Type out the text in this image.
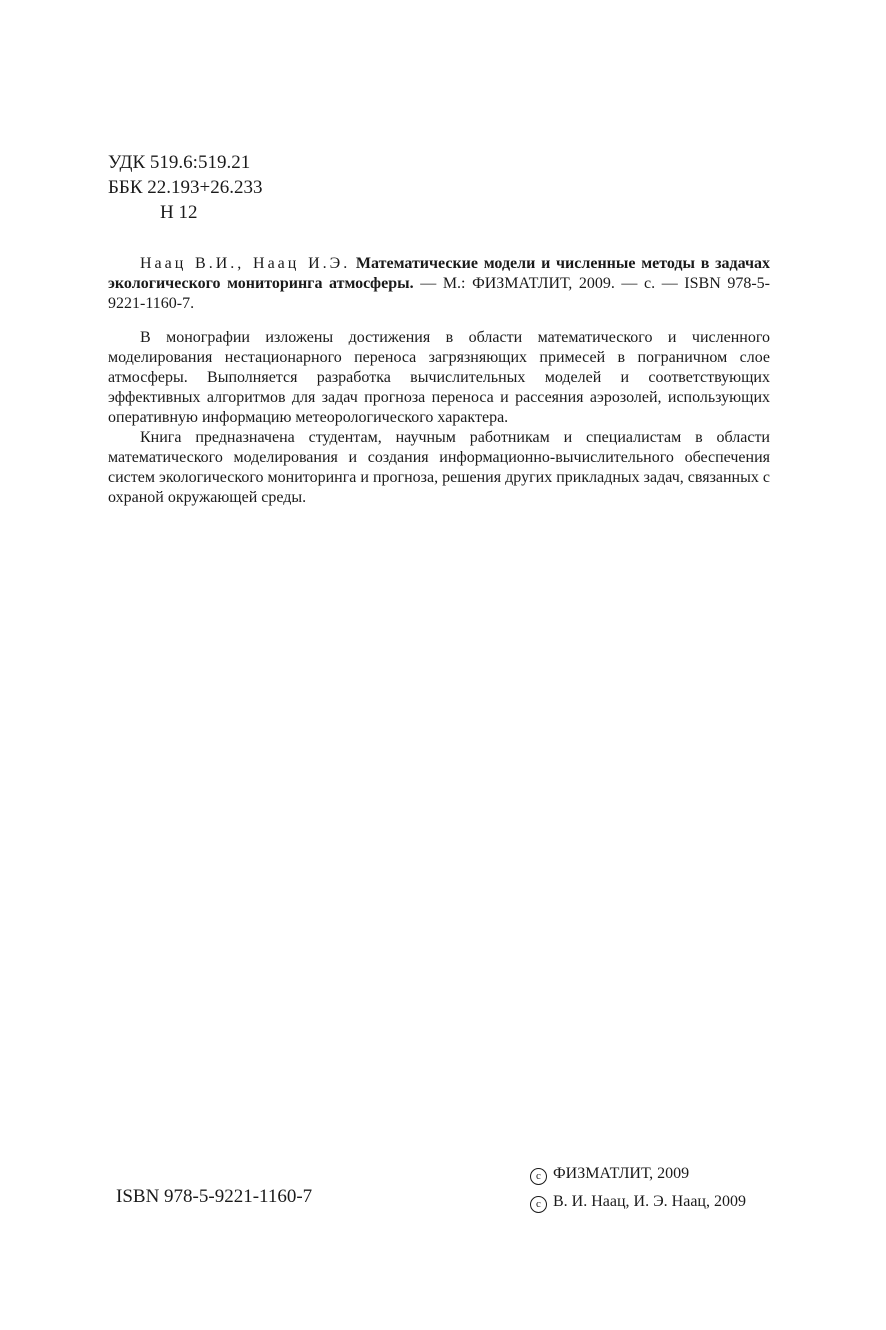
УДК 519.6:519.21
ББК 22.193+26.233
Н 12

Наац В.И., Наац И.Э. Математические модели и численные методы в задачах экологического мониторинга атмосферы. — М.: ФИЗМАТЛИТ, 2009. — с. — ISBN 978-5-9221-1160-7.

В монографии изложены достижения в области математического и численного моделирования нестационарного переноса загрязняющих примесей в пограничном слое атмосферы. Выполняется разработка вычислительных моделей и соответствующих эффективных алгоритмов для задач прогноза переноса и рассеяния аэрозолей, использующих оперативную информацию метеорологического характера.

Книга предназначена студентам, научным работникам и специалистам в области математического моделирования и создания информационно-вычислительного обеспечения систем экологического мониторинга и прогноза, решения других прикладных задач, связанных с охраной окружающей среды.

ISBN 978-5-9221-1160-7
c ФИЗМАТЛИТ, 2009
c В. И. Наац, И. Э. Наац, 2009
